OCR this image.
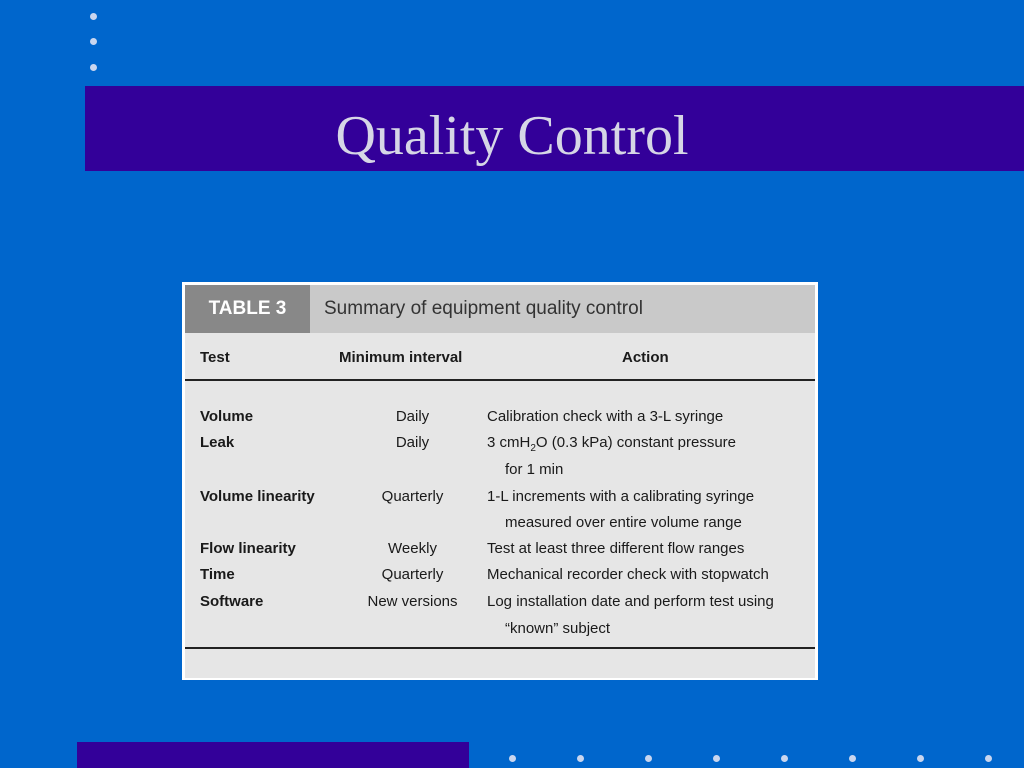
Quality Control
TABLE 3	Summary of equipment quality control
Test	Minimum interval	Action
Volume	Daily	Calibration check with a 3-L syringe
Leak	Daily	3 cmH$_2$O (0.3 kPa) constant pressure
for 1 min
Volume linearity	Quarterly	1-L increments with a calibrating syringe
measured over entire volume range
Flow linearity	Weekly	Test at least three different flow ranges
Time	Quarterly	Mechanical recorder check with stopwatch
Software	New versions	Log installation date and perform test using
“known” subject
